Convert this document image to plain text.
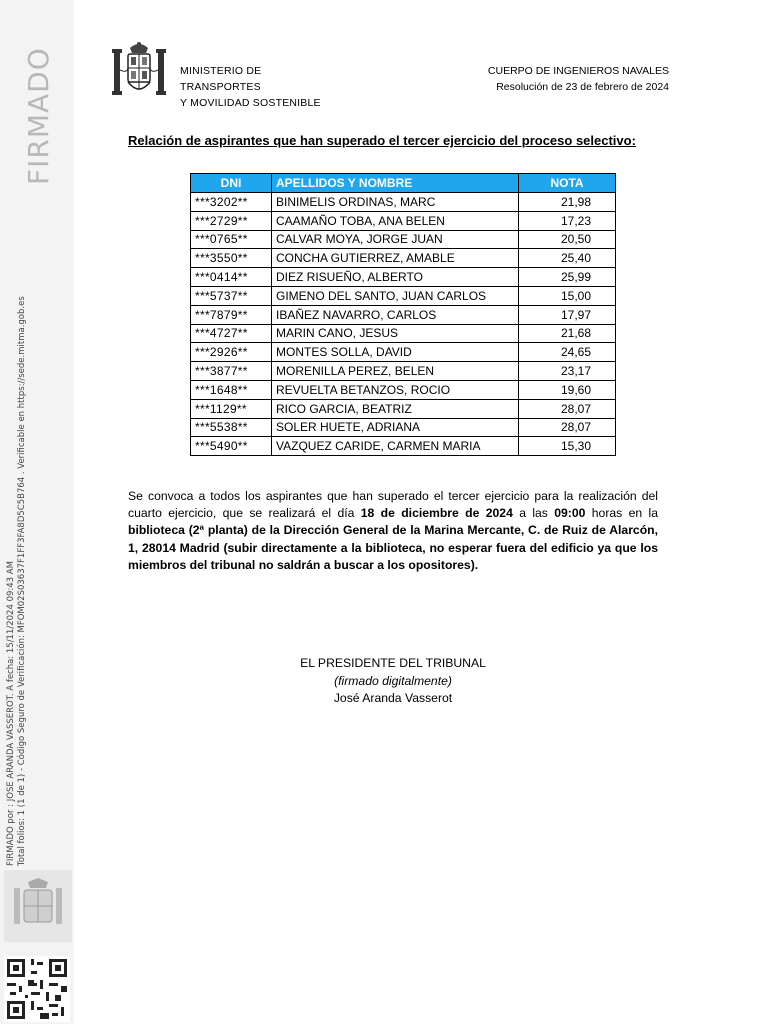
FIRMADO
FIRMADO por : JOSE ARANDA VASSEROT. A fecha: 15/11/2024 09:43 AM Total folios: 1 (1 de 1) - Código Seguro de Verificación: MFOM02S03637F1FF3FA8D5C5B764 . Verificable en https://sede.mitma.gob.es
MINISTERIO DE
TRANSPORTES
Y MOVILIDAD SOSTENIBLE
CUERPO DE INGENIEROS NAVALES
Resolución de 23 de febrero de 2024
Relación de aspirantes que han superado el tercer ejercicio del proceso selectivo:
DNI	APELLIDOS Y NOMBRE	NOTA
***3202**	BINIMELIS ORDINAS, MARC	21,98
***2729**	CAAMAÑO TOBA, ANA BELEN	17,23
***0765**	CALVAR MOYA, JORGE JUAN	20,50
***3550**	CONCHA GUTIERREZ, AMABLE	25,40
***0414**	DIEZ RISUEÑO, ALBERTO	25,99
***5737**	GIMENO DEL SANTO, JUAN CARLOS	15,00
***7879**	IBAÑEZ NAVARRO, CARLOS	17,97
***4727**	MARIN CANO, JESUS	21,68
***2926**	MONTES SOLLA, DAVID	24,65
***3877**	MORENILLA PEREZ, BELEN	23,17
***1648**	REVUELTA BETANZOS, ROCIO	19,60
***1129**	RICO GARCIA, BEATRIZ	28,07
***5538**	SOLER HUETE, ADRIANA	28,07
***5490**	VAZQUEZ CARIDE, CARMEN MARIA	15,30
Se convoca a todos los aspirantes que han superado el tercer ejercicio para la realización del cuarto ejercicio, que se realizará el día 18 de diciembre de 2024 a las 09:00 horas en la biblioteca (2ª planta) de la Dirección General de la Marina Mercante, C. de Ruiz de Alarcón, 1, 28014 Madrid (subir directamente a la biblioteca, no esperar fuera del edificio ya que los miembros del tribunal no saldrán a buscar a los opositores).
EL PRESIDENTE DEL TRIBUNAL
(firmado digitalmente)
José Aranda Vasserot
